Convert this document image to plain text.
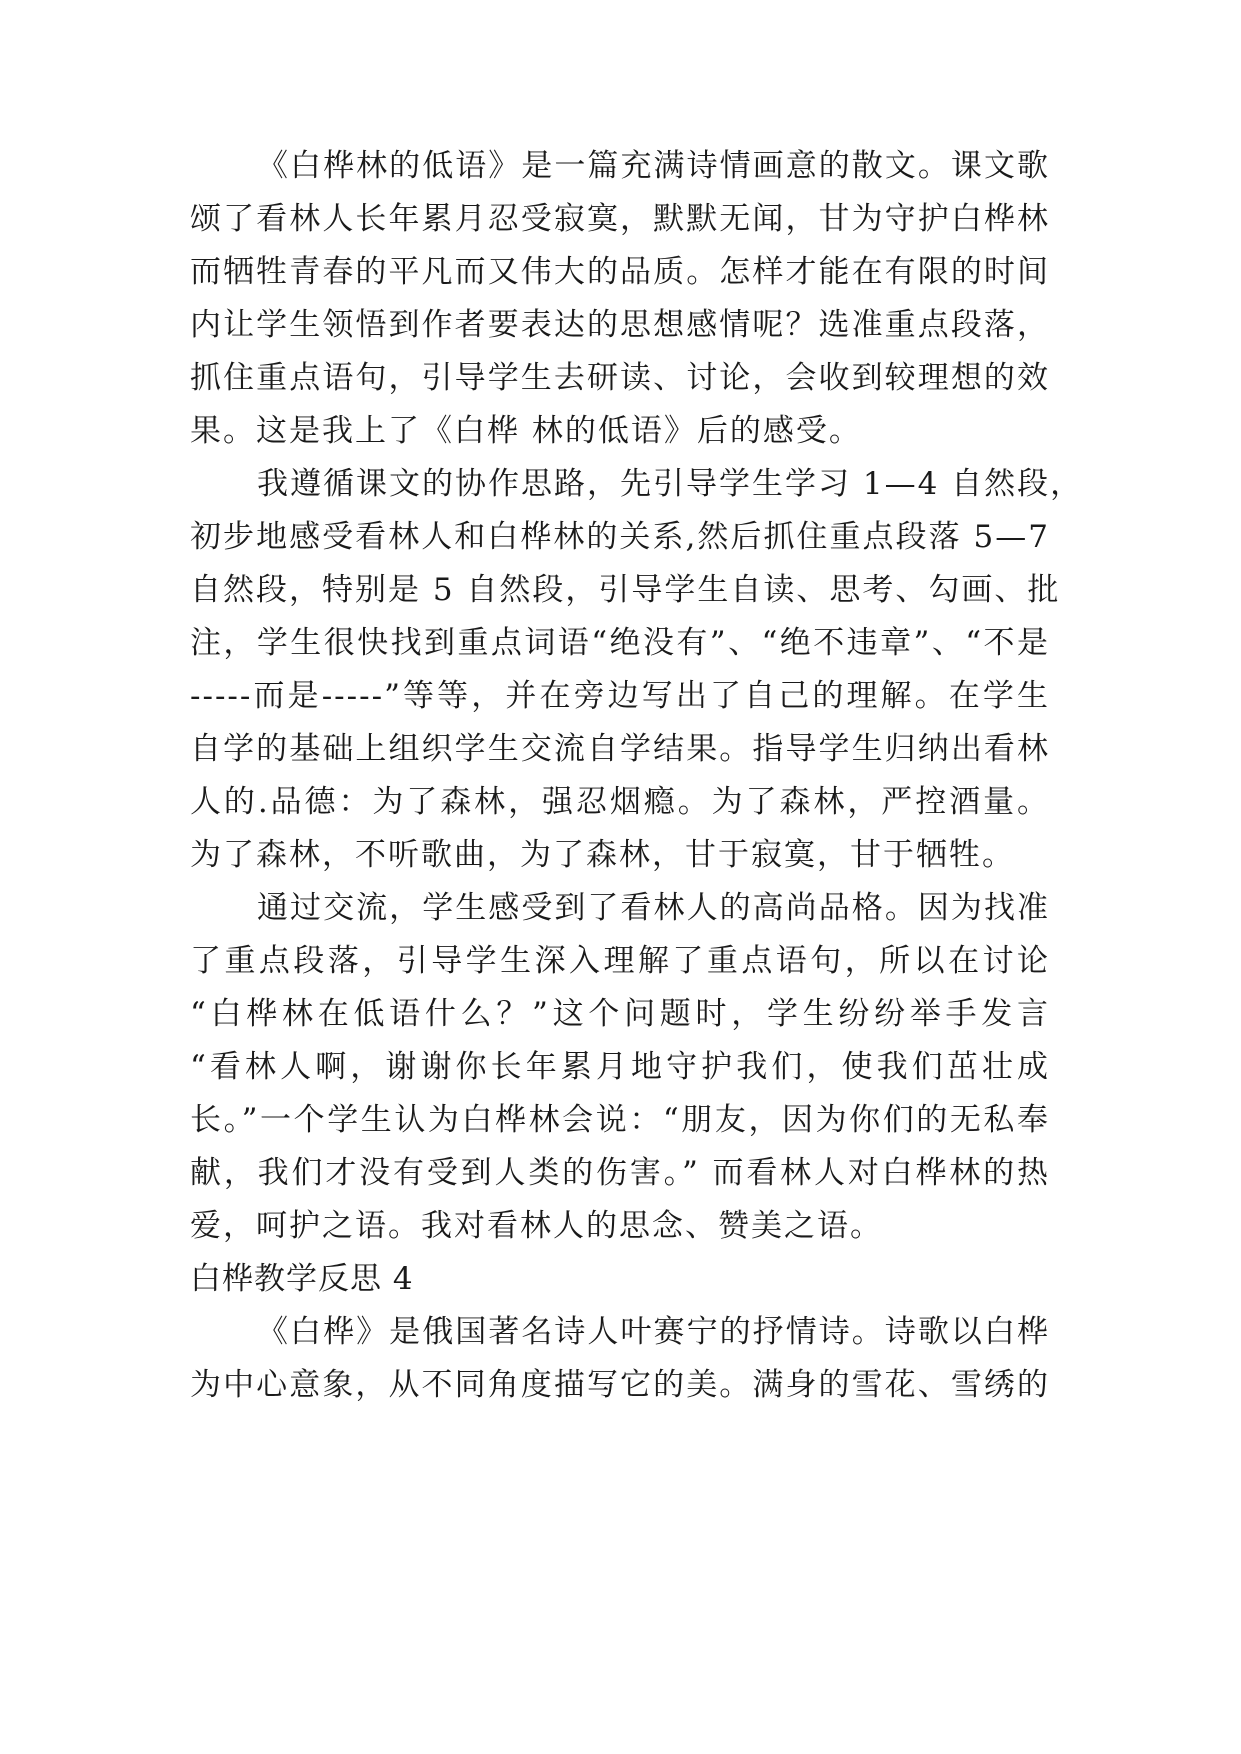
《白桦林的低语》是一篇充满诗情画意的散文。课文歌
颂了看林人长年累月忍受寂寞，默默无闻，甘为守护白桦林
而牺牲青春的平凡而又伟大的品质。怎样才能在有限的时间
内让学生领悟到作者要表达的思想感情呢？选准重点段落，
抓住重点语句，引导学生去研读、讨论，会收到较理想的效
果。这是我上了《白桦 林的低语》后的感受。
我遵循课文的协作思路，先引导学生学习 1—4 自然段，
初步地感受看林人和白桦林的关系,然后抓住重点段落 5—7
自然段，特别是 5 自然段，引导学生自读、思考、勾画、批
注，学生很快找到重点词语“绝没有”、“绝不违章”、“不是
-----而是-----”等等，并在旁边写出了自己的理解。在学生
自学的基础上组织学生交流自学结果。指导学生归纳出看林
人的.品德：为了森林，强忍烟瘾。为了森林，严控酒量。
为了森林，不听歌曲，为了森林，甘于寂寞，甘于牺牲。
通过交流，学生感受到了看林人的高尚品格。因为找准
了重点段落，引导学生深入理解了重点语句，所以在讨论
“白桦林在低语什么？”这个问题时，学生纷纷举手发言
“看林人啊，谢谢你长年累月地守护我们，使我们茁壮成
长。”一个学生认为白桦林会说：“朋友，因为你们的无私奉
献，我们才没有受到人类的伤害。” 而看林人对白桦林的热
爱，呵护之语。我对看林人的思念、赞美之语。
白桦教学反思 4
《白桦》是俄国著名诗人叶赛宁的抒情诗。诗歌以白桦
为中心意象，从不同角度描写它的美。满身的雪花、雪绣的
